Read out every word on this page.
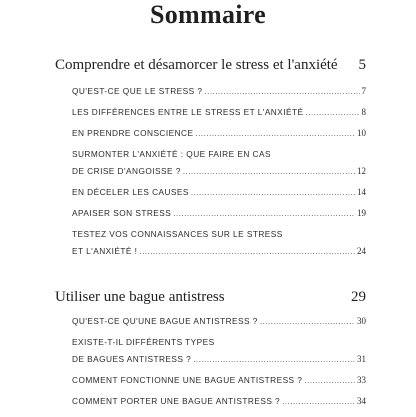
Sommaire
Comprendre et désamorcer le stress et l'anxiété 5
QU'EST-CE QUE LE STRESS ? .....	7
LES DIFFÉRENCES ENTRE LE STRESS ET L'ANXIÉTÉ .....	8
EN PRENDRE CONSCIENCE .....	10
SURMONTER L'ANXIÉTÉ : QUE FAIRE EN CAS
DE CRISE D'ANGOISSE ? .....	12
EN DÉCELER LES CAUSES .....	14
APAISER SON STRESS .....	19
TESTEZ VOS CONNAISSANCES SUR LE STRESS
ET L'ANXIÉTÉ ! .....	24
Utiliser une bague antistress	29
QU'EST-CE QU'UNE BAGUE ANTISTRESS ? .....	30
EXISTE-T-IL DIFFÉRENTS TYPES
DE BAGUES ANTISTRESS ? .....	31
COMMENT FONCTIONNE UNE BAGUE ANTISTRESS ? .....	33
COMMENT PORTER UNE BAGUE ANTISTRESS ? .....	34
